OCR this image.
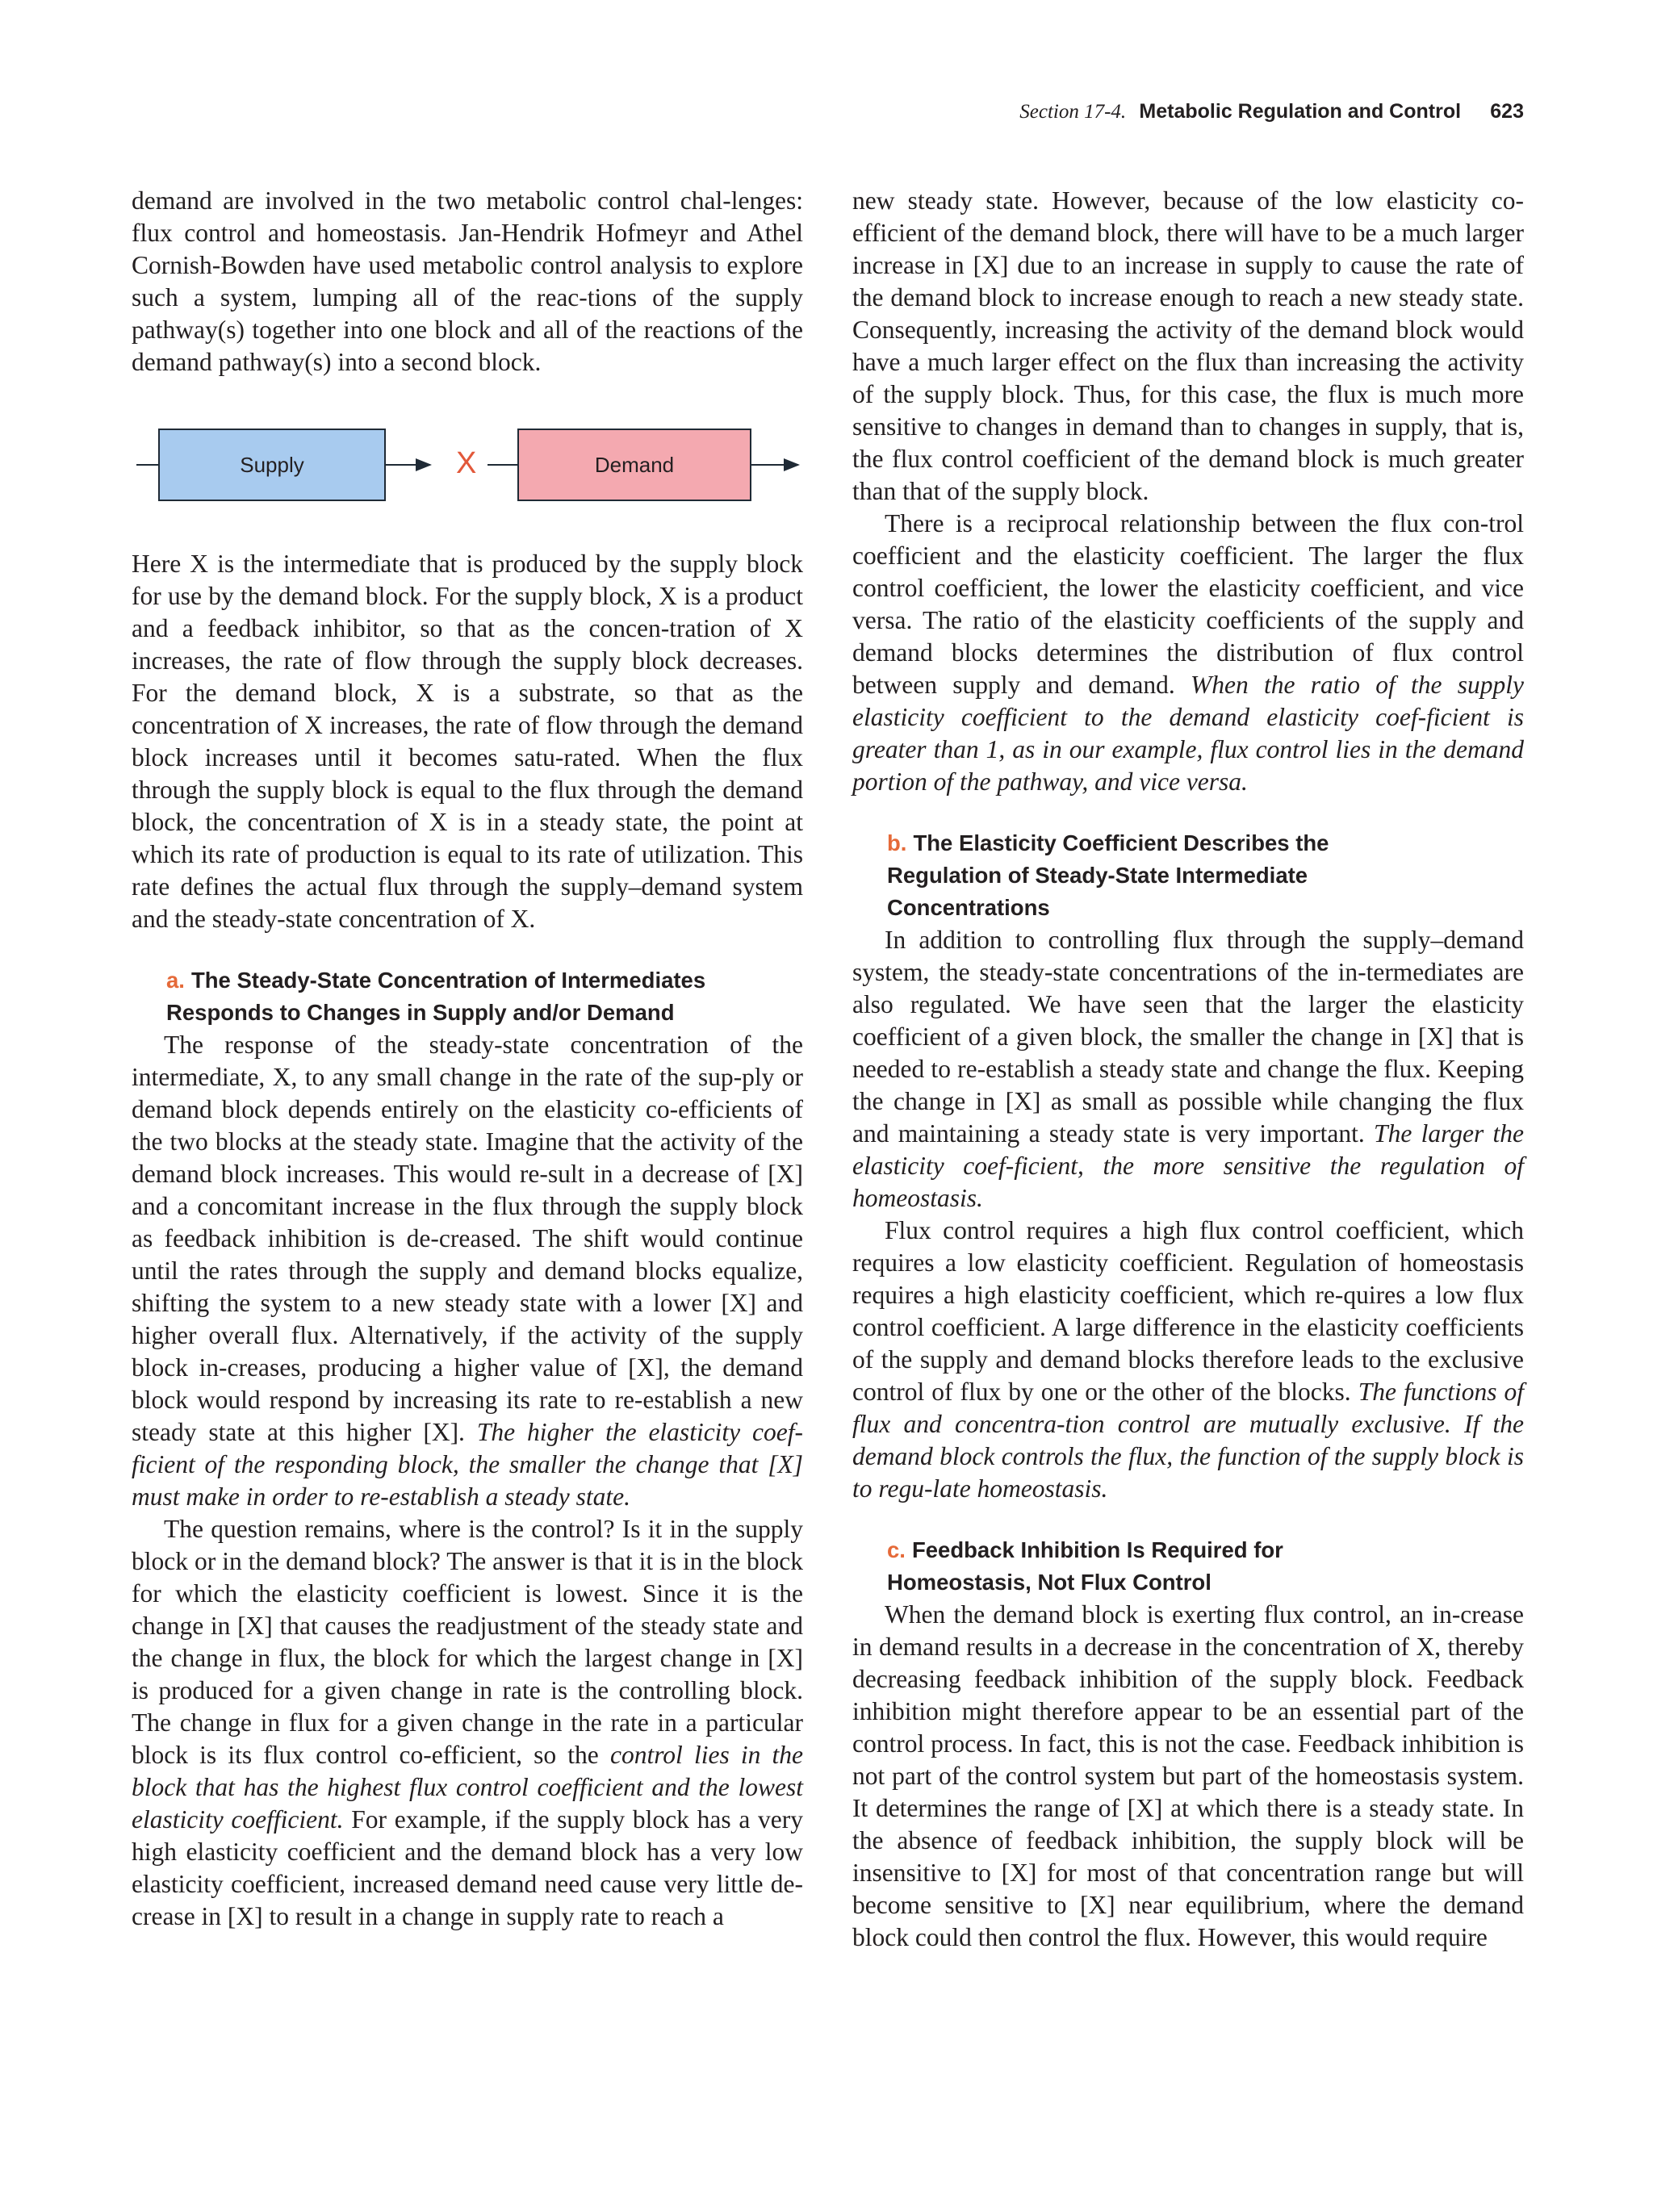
Section 17-4. Metabolic Regulation and Control 623

demand are involved in the two metabolic control chal-lenges: flux control and homeostasis. Jan-Hendrik Hofmeyr and Athel Cornish-Bowden have used metabolic control analysis to explore such a system, lumping all of the reac-tions of the supply pathway(s) together into one block and all of the reactions of the demand pathway(s) into a second block.

Supply	X	Demand

Here X is the intermediate that is produced by the supply block for use by the demand block. For the supply block, X is a product and a feedback inhibitor, so that as the concen-tration of X increases, the rate of flow through the supply block decreases. For the demand block, X is a substrate, so that as the concentration of X increases, the rate of flow through the demand block increases until it becomes satu-rated. When the flux through the supply block is equal to the flux through the demand block, the concentration of X is in a steady state, the point at which its rate of production is equal to its rate of utilization. This rate defines the actual flux through the supply–demand system and the steady-state concentration of X.

a. The Steady-State Concentration of Intermediates
Responds to Changes in Supply and/or Demand

The response of the steady-state concentration of the intermediate, X, to any small change in the rate of the sup-ply or demand block depends entirely on the elasticity co-efficients of the two blocks at the steady state. Imagine that the activity of the demand block increases. This would re-sult in a decrease of [X] and a concomitant increase in the flux through the supply block as feedback inhibition is de-creased. The shift would continue until the rates through the supply and demand blocks equalize, shifting the system to a new steady state with a lower [X] and higher overall flux. Alternatively, if the activity of the supply block in-creases, producing a higher value of [X], the demand block would respond by increasing its rate to re-establish a new steady state at this higher [X]. The higher the elasticity coef-ficient of the responding block, the smaller the change that [X] must make in order to re-establish a steady state.

The question remains, where is the control? Is it in the supply block or in the demand block? The answer is that it is in the block for which the elasticity coefficient is lowest. Since it is the change in [X] that causes the readjustment of the steady state and the change in flux, the block for which the largest change in [X] is produced for a given change in rate is the controlling block. The change in flux for a given change in the rate in a particular block is its flux control co-efficient, so the control lies in the block that has the highest flux control coefficient and the lowest elasticity coefficient. For example, if the supply block has a very high elasticity coefficient and the demand block has a very low elasticity coefficient, increased demand need cause very little de-crease in [X] to result in a change in supply rate to reach a

new steady state. However, because of the low elasticity co-efficient of the demand block, there will have to be a much larger increase in [X] due to an increase in supply to cause the rate of the demand block to increase enough to reach a new steady state. Consequently, increasing the activity of the demand block would have a much larger effect on the flux than increasing the activity of the supply block. Thus, for this case, the flux is much more sensitive to changes in demand than to changes in supply, that is, the flux control coefficient of the demand block is much greater than that of the supply block.

There is a reciprocal relationship between the flux con-trol coefficient and the elasticity coefficient. The larger the flux control coefficient, the lower the elasticity coefficient, and vice versa. The ratio of the elasticity coefficients of the supply and demand blocks determines the distribution of flux control between supply and demand. When the ratio of the supply elasticity coefficient to the demand elasticity coef-ficient is greater than 1, as in our example, flux control lies in the demand portion of the pathway, and vice versa.

b. The Elasticity Coefficient Describes the
Regulation of Steady-State Intermediate
Concentrations

In addition to controlling flux through the supply–demand system, the steady-state concentrations of the in-termediates are also regulated. We have seen that the larger the elasticity coefficient of a given block, the smaller the change in [X] that is needed to re-establish a steady state and change the flux. Keeping the change in [X] as small as possible while changing the flux and maintaining a steady state is very important. The larger the elasticity coef-ficient, the more sensitive the regulation of homeostasis.

Flux control requires a high flux control coefficient, which requires a low elasticity coefficient. Regulation of homeostasis requires a high elasticity coefficient, which re-quires a low flux control coefficient. A large difference in the elasticity coefficients of the supply and demand blocks therefore leads to the exclusive control of flux by one or the other of the blocks. The functions of flux and concentra-tion control are mutually exclusive. If the demand block controls the flux, the function of the supply block is to regu-late homeostasis.

c. Feedback Inhibition Is Required for
Homeostasis, Not Flux Control

When the demand block is exerting flux control, an in-crease in demand results in a decrease in the concentration of X, thereby decreasing feedback inhibition of the supply block. Feedback inhibition might therefore appear to be an essential part of the control process. In fact, this is not the case. Feedback inhibition is not part of the control system but part of the homeostasis system. It determines the range of [X] at which there is a steady state. In the absence of feedback inhibition, the supply block will be insensitive to [X] for most of that concentration range but will become sensitive to [X] near equilibrium, where the demand block could then control the flux. However, this would require
